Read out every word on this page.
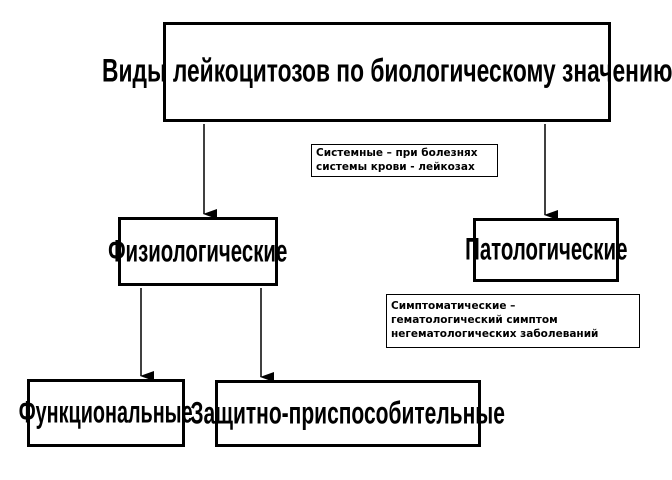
Виды лейкоцитозов по биологическому значению
Физиологические	Патологические
Функциональные
Защитно-приспособительные
Системные – при болезнях
системы крови - лейкозах
Симптоматические –
гематологический симптом
негематологических заболеваний
